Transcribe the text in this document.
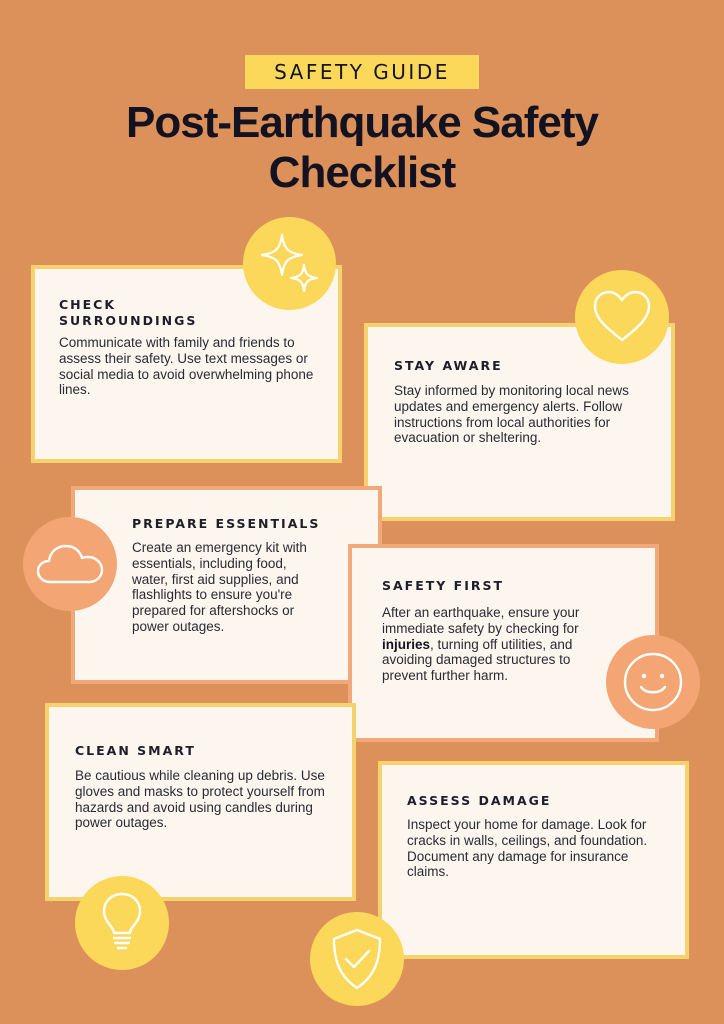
SAFETY GUIDE
Post-Earthquake Safety
Checklist
CHECK
SURROUNDINGS

Communicate with family and friends to assess their safety. Use text messages or social media to avoid overwhelming phone lines.

STAY AWARE

Stay informed by monitoring local news updates and emergency alerts. Follow instructions from local authorities for evacuation or sheltering.

PREPARE ESSENTIALS

Create an emergency kit with essentials, including food, water, first aid supplies, and flashlights to ensure you're prepared for aftershocks or power outages.

SAFETY FIRST

After an earthquake, ensure your immediate safety by checking for injuries, turning off utilities, and avoiding damaged structures to prevent further harm.

CLEAN SMART

Be cautious while cleaning up debris. Use gloves and masks to protect yourself from hazards and avoid using candles during power outages.

ASSESS DAMAGE

Inspect your home for damage. Look for cracks in walls, ceilings, and foundation. Document any damage for insurance claims.
